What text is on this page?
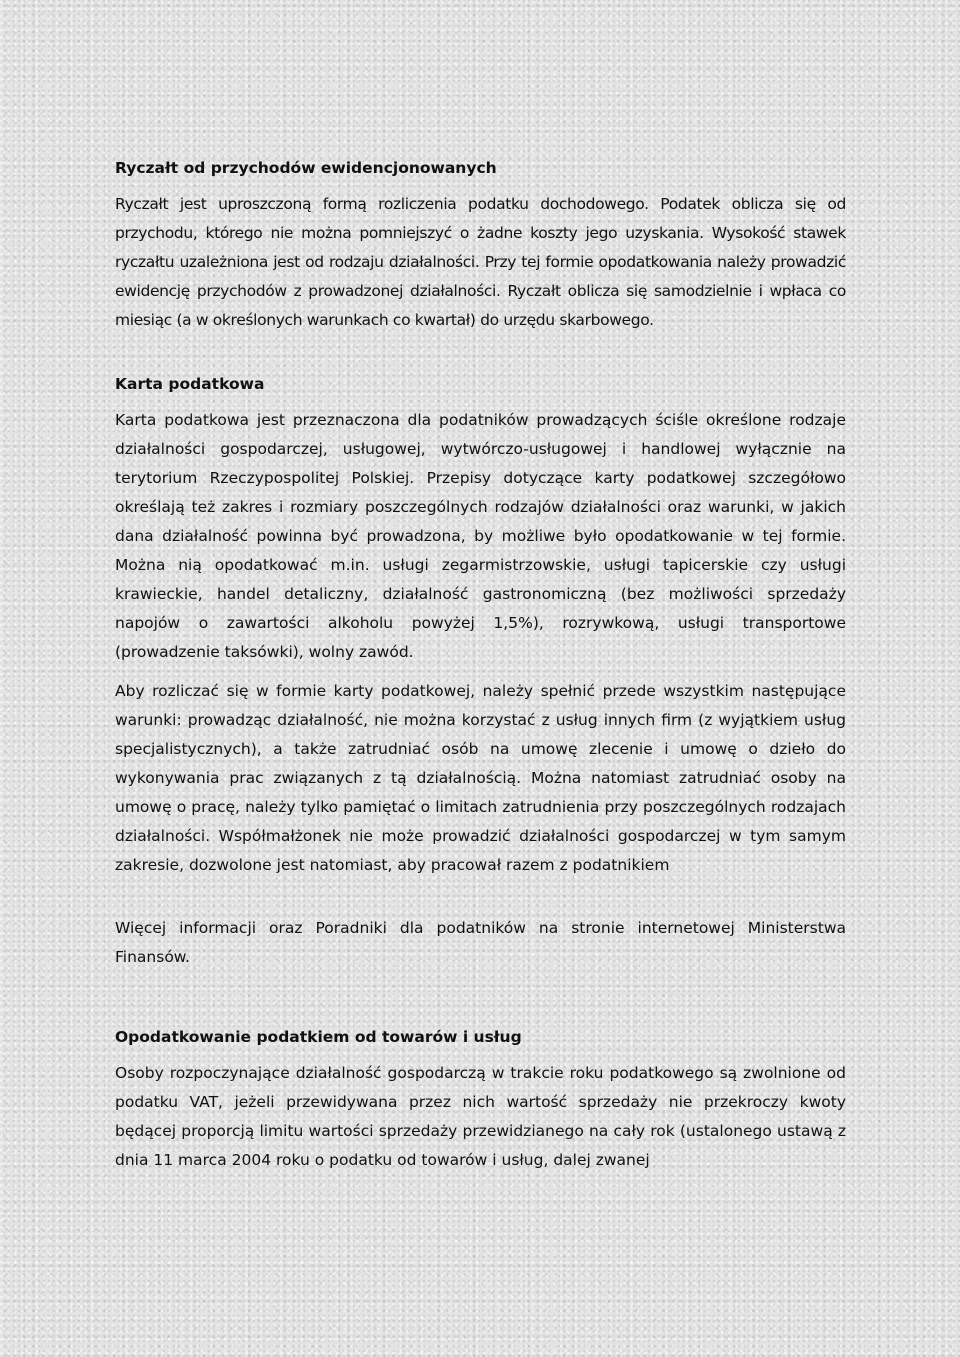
Ryczałt od przychodów ewidencjonowanych

Ryczałt jest uproszczoną formą rozliczenia podatku dochodowego. Podatek oblicza się od przychodu, którego nie można pomniejszyć o żadne koszty jego uzyskania. Wysokość stawek ryczałtu uzależniona jest od rodzaju działalności. Przy tej formie opodatkowania należy prowadzić ewidencję przychodów z prowadzonej działalności. Ryczałt oblicza się samodzielnie i wpłaca co miesiąc (a w określonych warunkach co kwartał) do urzędu skarbowego.

Karta podatkowa

Karta podatkowa jest przeznaczona dla podatników prowadzących ściśle określone rodzaje działalności gospodarczej, usługowej, wytwórczo-usługowej i handlowej wyłącznie na terytorium Rzeczypospolitej Polskiej. Przepisy dotyczące karty podatkowej szczegółowo określają też zakres i rozmiary poszczególnych rodzajów działalności oraz warunki, w jakich dana działalność powinna być prowadzona, by możliwe było opodatkowanie w tej formie. Można nią opodatkować m.in. usługi zegarmistrzowskie, usługi tapicerskie czy usługi krawieckie, handel detaliczny, działalność gastronomiczną (bez możliwości sprzedaży napojów o zawartości alkoholu powyżej 1,5%), rozrywkową, usługi transportowe (prowadzenie taksówki), wolny zawód.

Aby rozliczać się w formie karty podatkowej, należy spełnić przede wszystkim następujące warunki: prowadząc działalność, nie można korzystać z usług innych firm (z wyjątkiem usług specjalistycznych), a także zatrudniać osób na umowę zlecenie i umowę o dzieło do wykonywania prac związanych z tą działalnością. Można natomiast zatrudniać osoby na umowę o pracę, należy tylko pamiętać o limitach zatrudnienia przy poszczególnych rodzajach działalności. Współmałżonek nie może prowadzić działalności gospodarczej w tym samym zakresie, dozwolone jest natomiast, aby pracował razem z podatnikiem

Więcej informacji oraz Poradniki dla podatników na stronie internetowej Ministerstwa Finansów.

Opodatkowanie podatkiem od towarów i usług

Osoby rozpoczynające działalność gospodarczą w trakcie roku podatkowego są zwolnione od podatku VAT, jeżeli przewidywana przez nich wartość sprzedaży nie przekroczy kwoty będącej proporcją limitu wartości sprzedaży przewidzianego na cały rok (ustalonego ustawą z dnia 11 marca 2004 roku o podatku od towarów i usług, dalej zwanej
